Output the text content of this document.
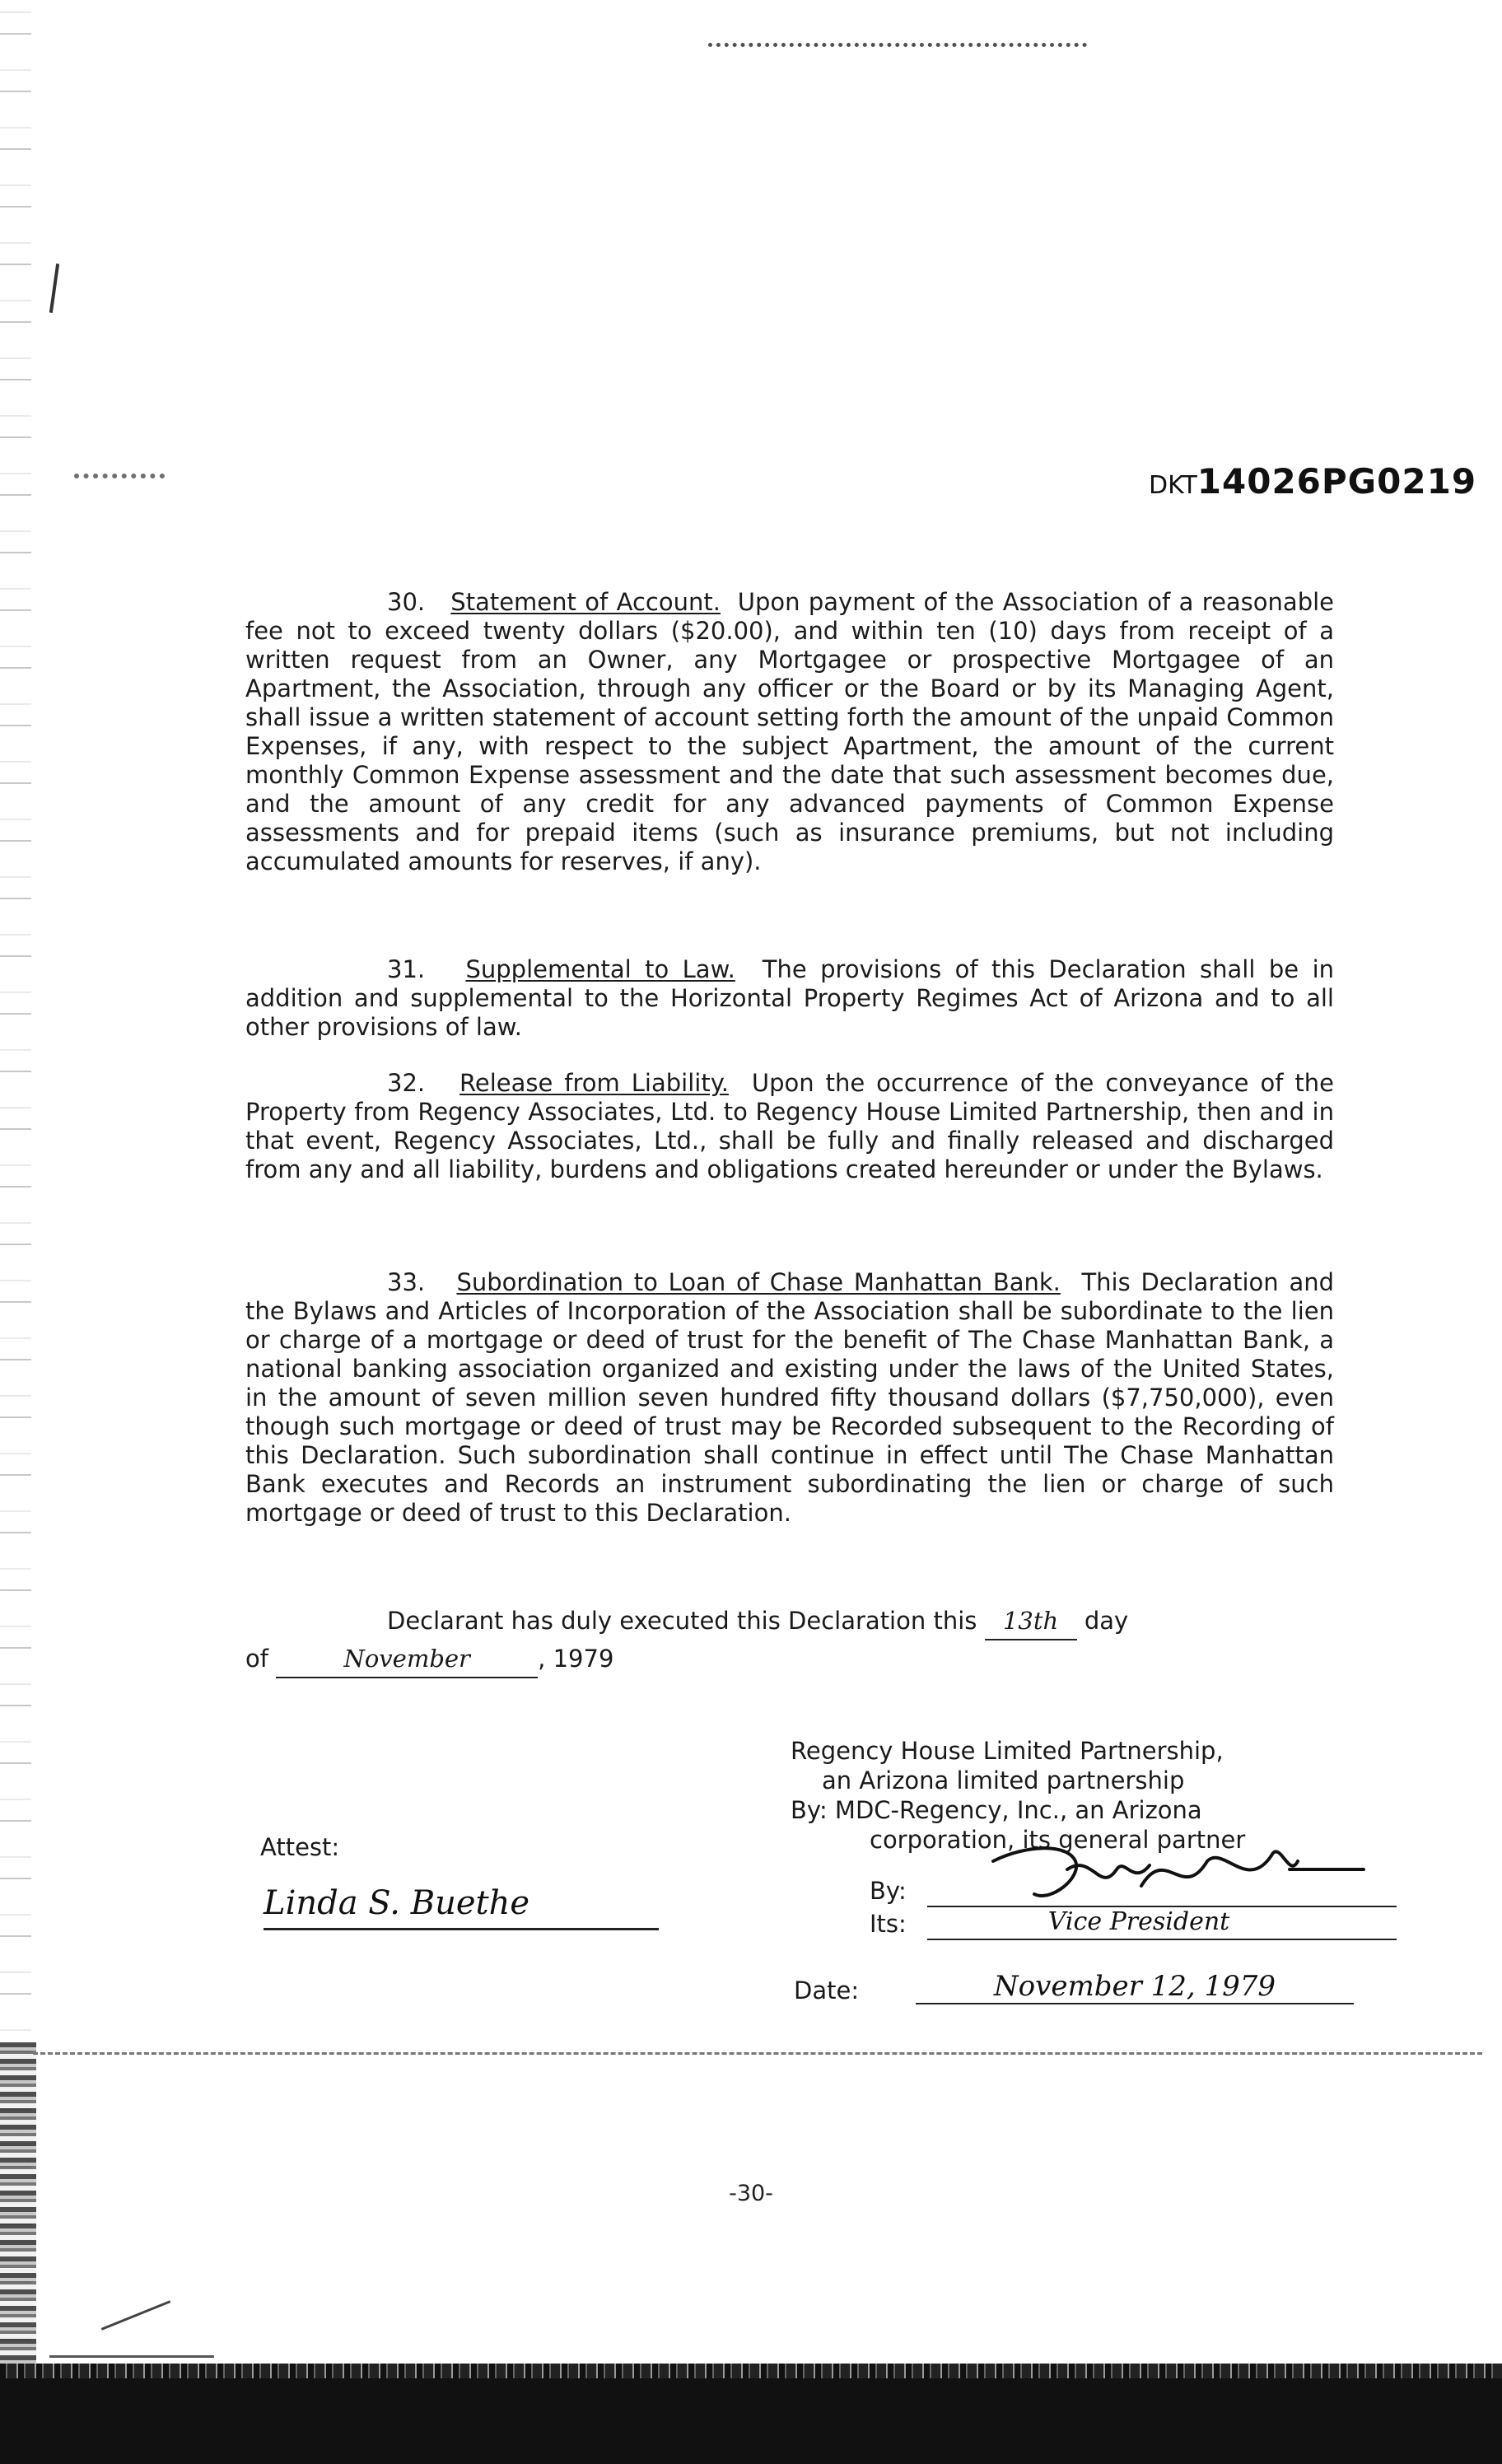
DKT14026PG0219

30. Statement of Account. Upon payment of the Association of a reasonable fee not to exceed twenty dollars ($20.00), and within ten (10) days from receipt of a written request from an Owner, any Mortgagee or prospective Mortgagee of an Apartment, the Association, through any officer or the Board or by its Managing Agent, shall issue a written statement of account setting forth the amount of the unpaid Common Expenses, if any, with respect to the subject Apartment, the amount of the current monthly Common Expense assessment and the date that such assessment becomes due, and the amount of any credit for any advanced payments of Common Expense assessments and for prepaid items (such as insurance premiums, but not including accumulated amounts for reserves, if any).

31. Supplemental to Law. The provisions of this Declaration shall be in addition and supplemental to the Horizontal Property Regimes Act of Arizona and to all other provisions of law.

32. Release from Liability. Upon the occurrence of the conveyance of the Property from Regency Associates, Ltd. to Regency House Limited Partnership, then and in that event, Regency Associates, Ltd., shall be fully and finally released and discharged from any and all liability, burdens and obligations created hereunder or under the Bylaws.

33. Subordination to Loan of Chase Manhattan Bank. This Declaration and the Bylaws and Articles of Incorporation of the Association shall be subordinate to the lien or charge of a mortgage or deed of trust for the benefit of The Chase Manhattan Bank, a national banking association organized and existing under the laws of the United States, in the amount of seven million seven hundred fifty thousand dollars ($7,750,000), even though such mortgage or deed of trust may be Recorded subsequent to the Recording of this Declaration. Such subordination shall continue in effect until The Chase Manhattan Bank executes and Records an instrument subordinating the lien or charge of such mortgage or deed of trust to this Declaration.

Declarant has duly executed this Declaration this 13th day
of	November	, 1979
Regency House Limited Partnership,
an Arizona limited partnership
By: MDC-Regency, Inc., an Arizona
corporation, its general partner
Attest:
Linda S. Buethe	By:
Its:	Vice President
Date:	November 12, 1979
-30-
